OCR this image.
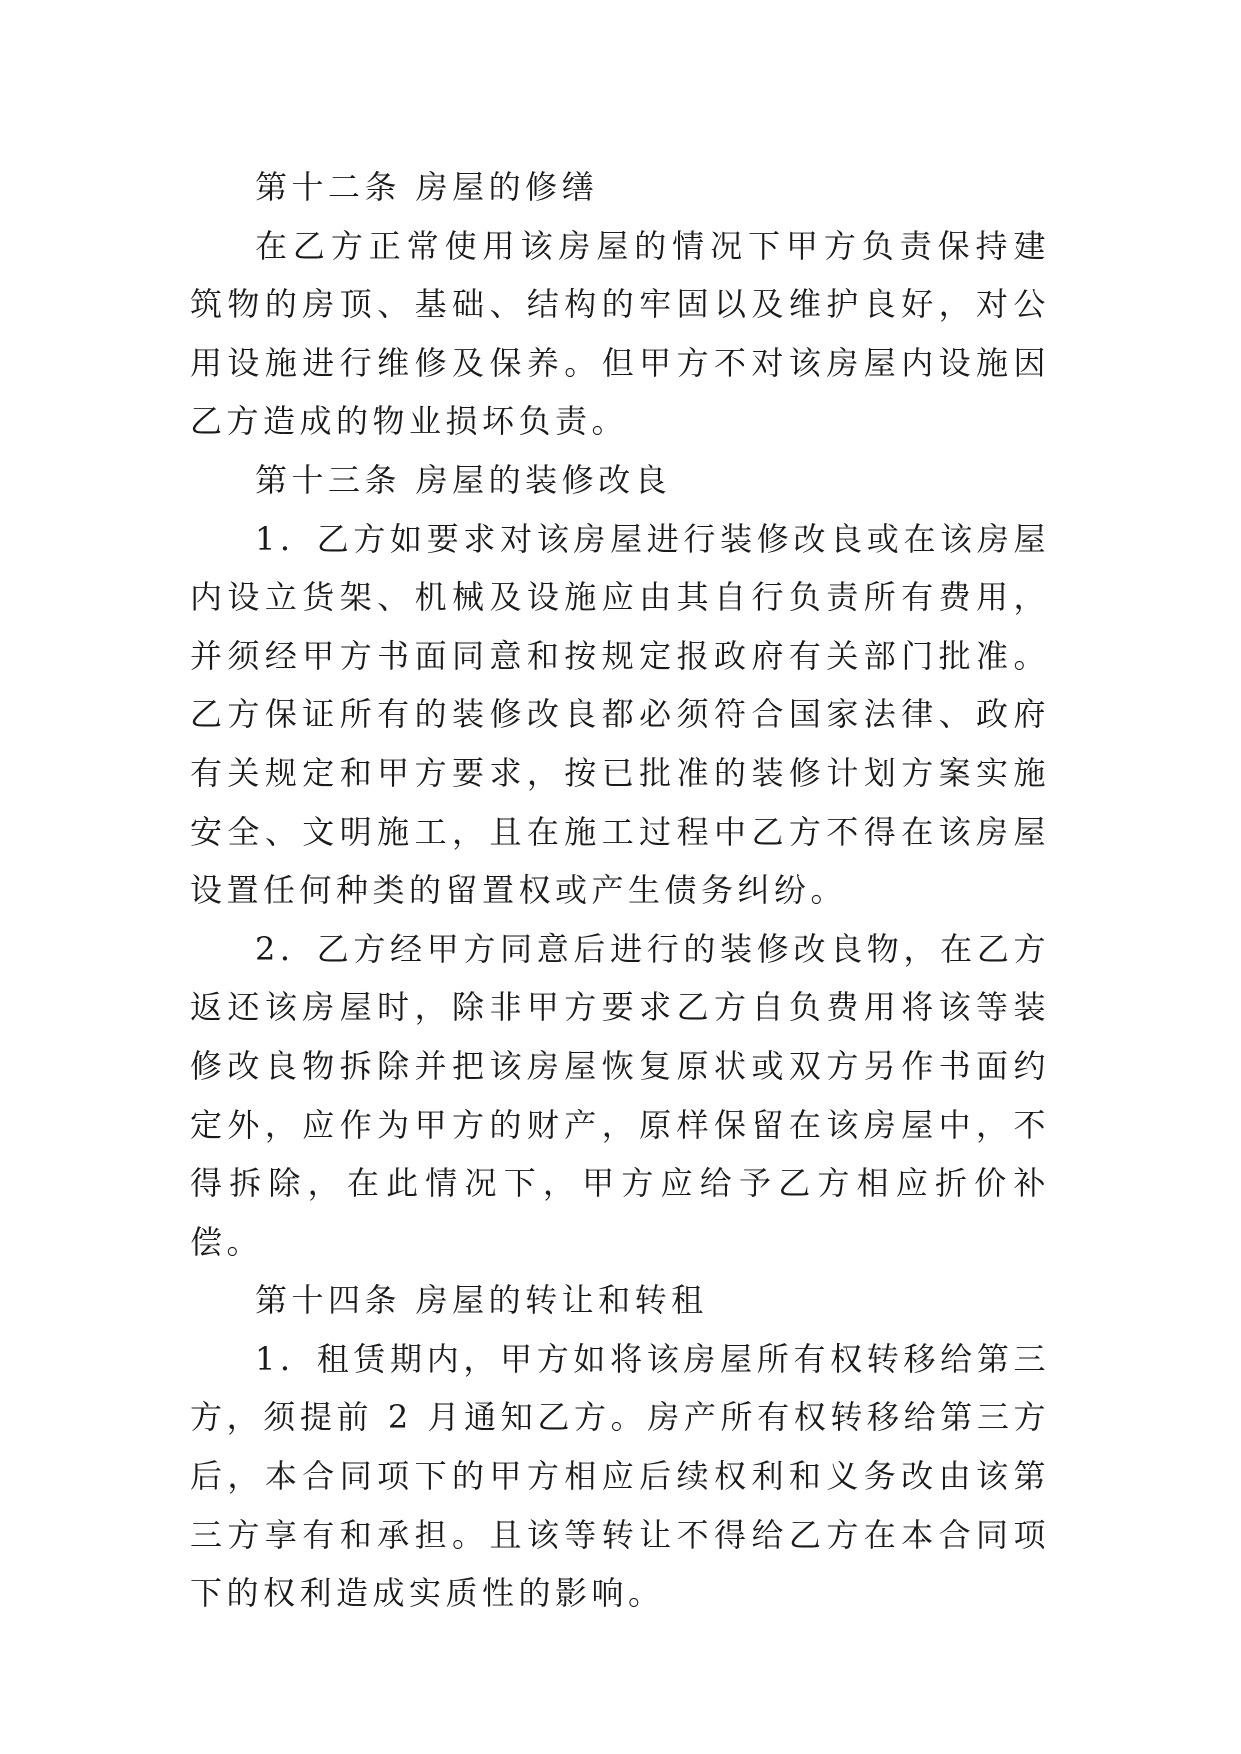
第十二条 房屋的修缮

在乙方正常使用该房屋的情况下甲方负责保持建筑物的房顶、基础、结构的牢固以及维护良好，对公用设施进行维修及保养。但甲方不对该房屋内设施因乙方造成的物业损坏负责。

第十三条 房屋的装修改良

1．乙方如要求对该房屋进行装修改良或在该房屋内设立货架、机械及设施应由其自行负责所有费用，并须经甲方书面同意和按规定报政府有关部门批准。乙方保证所有的装修改良都必须符合国家法律、政府有关规定和甲方要求，按已批准的装修计划方案实施安全、文明施工，且在施工过程中乙方不得在该房屋设置任何种类的留置权或产生债务纠纷。

2．乙方经甲方同意后进行的装修改良物，在乙方返还该房屋时，除非甲方要求乙方自负费用将该等装修改良物拆除并把该房屋恢复原状或双方另作书面约定外，应作为甲方的财产，原样保留在该房屋中，不得拆除，在此情况下，甲方应给予乙方相应折价补偿。

第十四条 房屋的转让和转租

1．租赁期内，甲方如将该房屋所有权转移给第三方，须提前 2 月通知乙方。房产所有权转移给第三方后，本合同项下的甲方相应后续权利和义务改由该第三方享有和承担。且该等转让不得给乙方在本合同项下的权利造成实质性的影响。
